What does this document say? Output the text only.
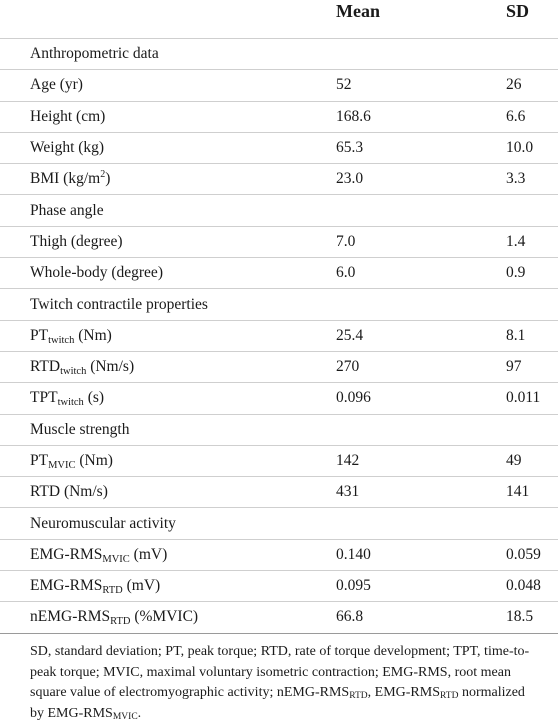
	Mean	SD
Anthropometric data		
Age (yr)	52	26
Height (cm)	168.6	6.6
Weight (kg)	65.3	10.0
BMI $(kg/m^2)$	23.0	3.3
Phase angle		
Thigh (degree)	7.0	1.4
Whole-body (degree)	6.0	0.9
Twitch contractile properties		
$PT_{twitch}$ (Nm)	25.4	8.1
$RTD_{twitch}$ (Nm/s)	270	97
$TPT_{twitch}$ (s)	0.096	0.011
Muscle strength		
$PT_{MVIC}$ (Nm)	142	49
RTD (Nm/s)	431	141
Neuromuscular activity		
EMG-$RMS_{MVIC}$ (mV)	0.140	0.059
EMG-$RMS_{RTD}$ (mV)	0.095	0.048
nEMG-$RMS_{RTD}$ (%MVIC)	66.8	18.5
SD, standard deviation; PT, peak torque; RTD, rate of torque development; TPT, time-to-peak torque; MVIC, maximal voluntary isometric contraction; EMG-RMS, root mean square value of electromyographic activity; nEMG-$RMS_{RTD}$, EMG-$RMS_{RTD}$ normalized by EMG-$RMS_{MVIC}$.
